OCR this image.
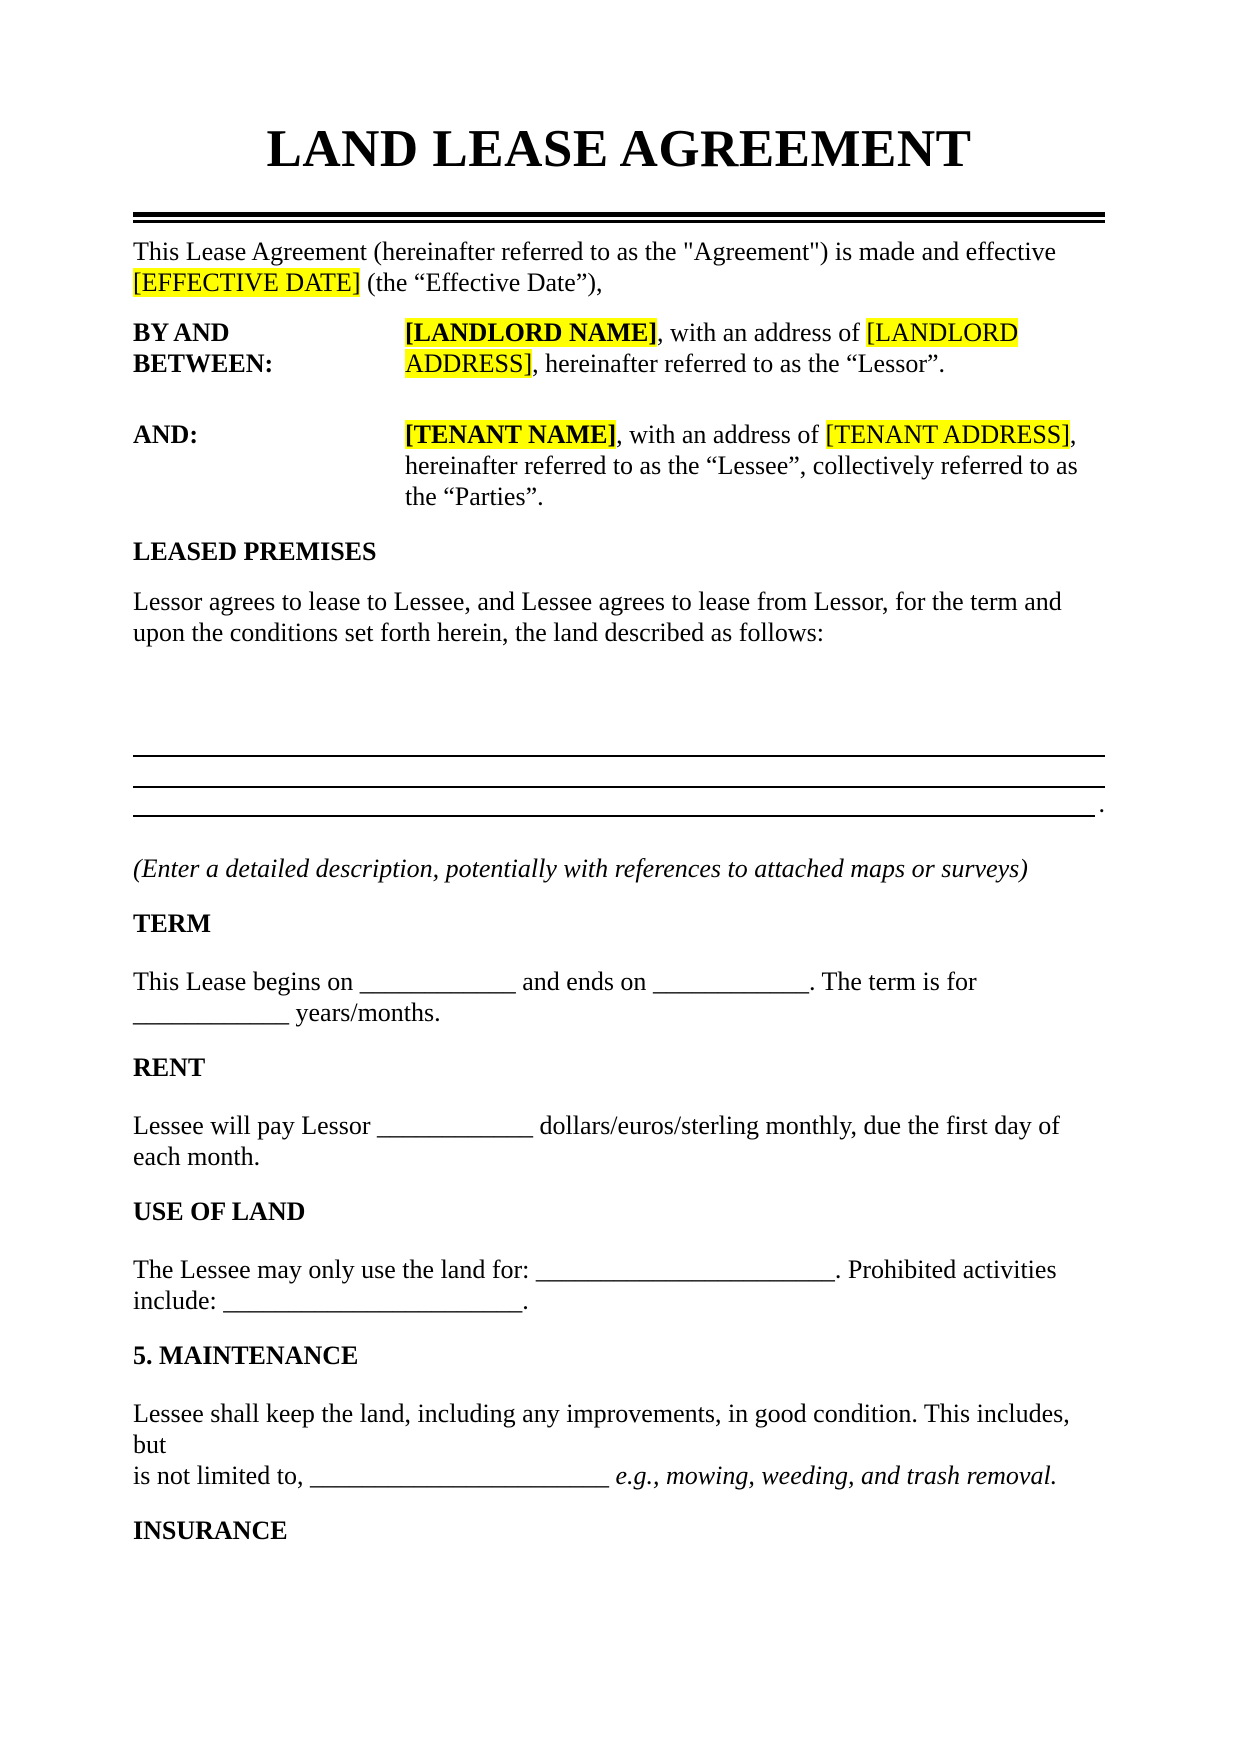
LAND LEASE AGREEMENT

This Lease Agreement (hereinafter referred to as the "Agreement") is made and effective
[EFFECTIVE DATE] (the “Effective Date”),

BY AND BETWEEN:
[LANDLORD NAME], with an address of [LANDLORD
ADDRESS], hereinafter referred to as the “Lessor”.
AND:	[TENANT NAME], with an address of [TENANT ADDRESS],
hereinafter referred to as the “Lessee”, collectively referred to as
the “Parties”.
LEASED PREMISES

Lessor agrees to lease to Lessee, and Lessee agrees to lease from Lessor, for the term and
upon the conditions set forth herein, the land described as follows:

.

(Enter a detailed description, potentially with references to attached maps or surveys)

TERM

This Lease begins on ____________ and ends on ____________. The term is for
____________ years/months.

RENT

Lessee will pay Lessor ____________ dollars/euros/sterling monthly, due the first day of
each month.

USE OF LAND

The Lessee may only use the land for: _______________________. Prohibited activities
include: _______________________.

5. MAINTENANCE

Lessee shall keep the land, including any improvements, in good condition. This includes, but
is not limited to, _______________________ e.g., mowing, weeding, and trash removal.

INSURANCE
